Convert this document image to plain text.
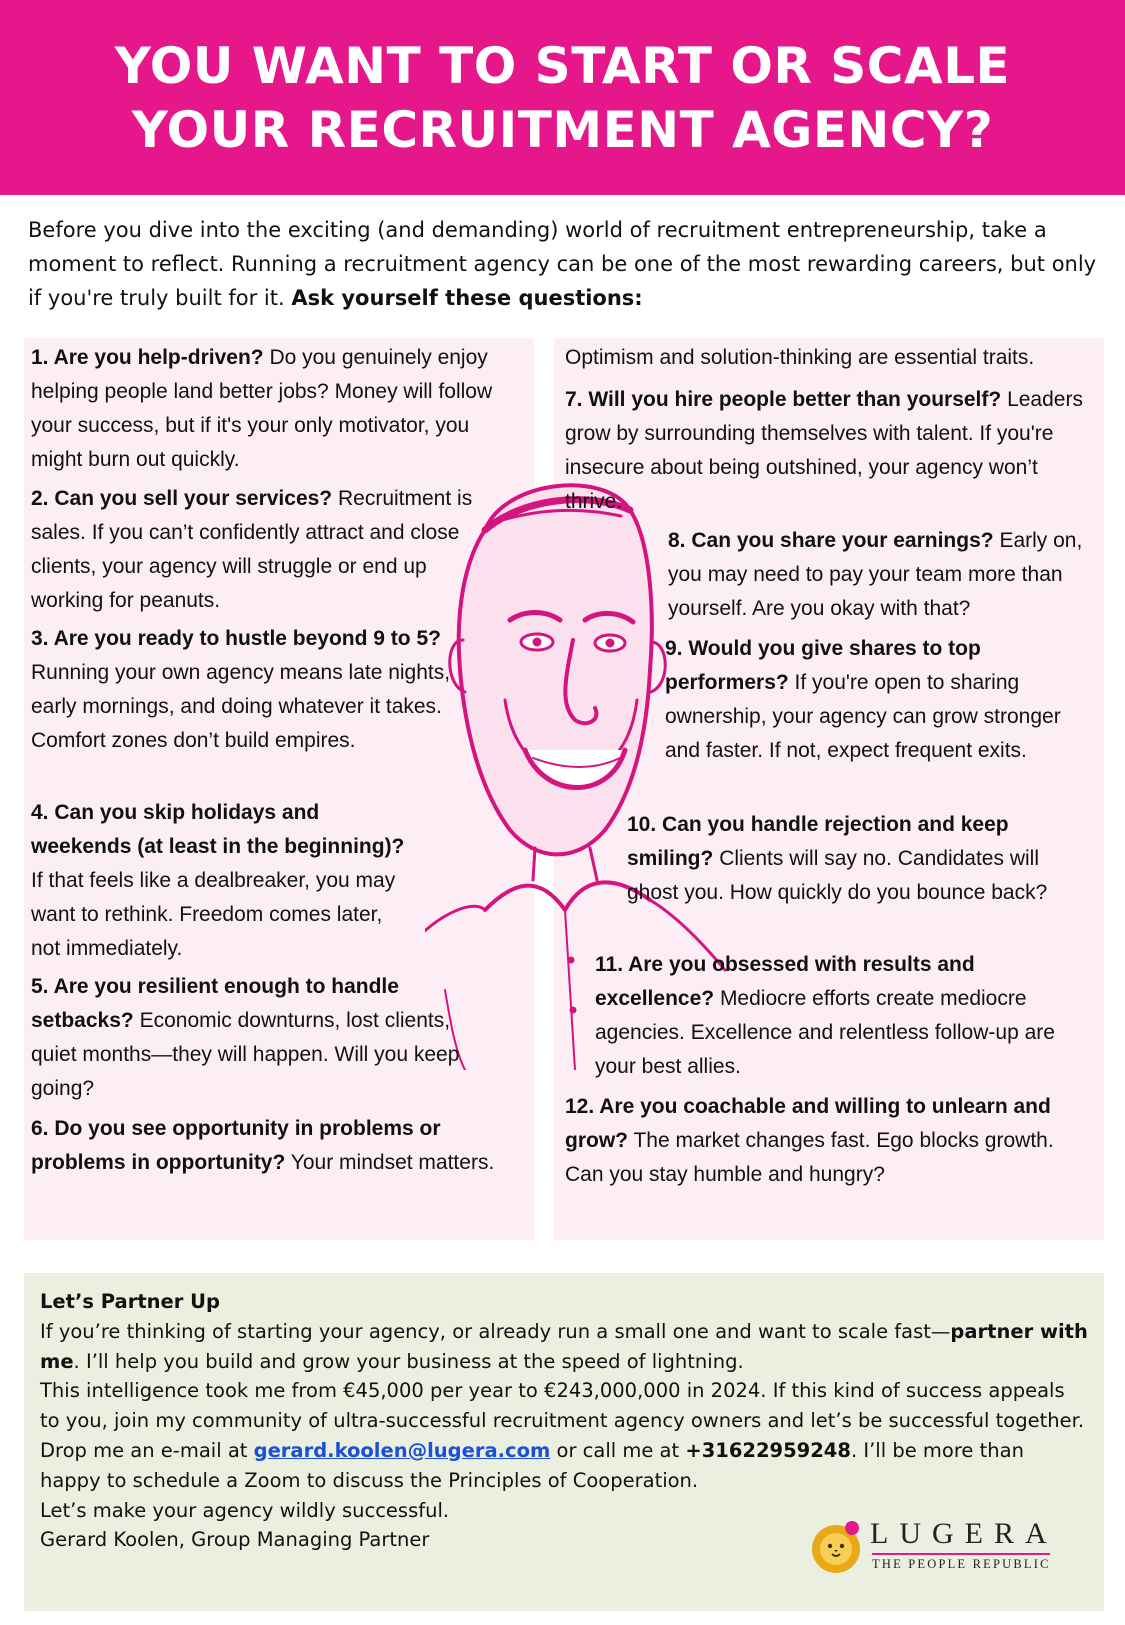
YOU WANT TO START OR SCALE
YOUR RECRUITMENT AGENCY?
Before you dive into the exciting (and demanding) world of recruitment entrepreneurship, take a moment to reflect. Running a recruitment agency can be one of the most rewarding careers, but only if you're truly built for it. Ask yourself these questions:
1. Are you help-driven? Do you genuinely enjoy helping people land better jobs? Money will follow your success, but if it's your only motivator, you might burn out quickly.
2. Can you sell your services? Recruitment is sales. If you can’t confidently attract and close clients, your agency will struggle or end up working for peanuts.
3. Are you ready to hustle beyond 9 to 5? Running your own agency means late nights, early mornings, and doing whatever it takes. Comfort zones don’t build empires.
4. Can you skip holidays and weekends (at least in the beginning)? If that feels like a dealbreaker, you may want to rethink. Freedom comes later, not immediately.
5. Are you resilient enough to handle setbacks? Economic downturns, lost clients, quiet months—they will happen. Will you keep going?
6. Do you see opportunity in problems or problems in opportunity? Your mindset matters.
Optimism and solution-thinking are essential traits.
7. Will you hire people better than yourself? Leaders grow by surrounding themselves with talent. If you're insecure about being outshined, your agency won’t thrive.
8. Can you share your earnings? Early on, you may need to pay your team more than yourself. Are you okay with that?
9. Would you give shares to top performers? If you're open to sharing ownership, your agency can grow stronger and faster. If not, expect frequent exits.
10. Can you handle rejection and keep smiling? Clients will say no. Candidates will ghost you. How quickly do you bounce back?
11. Are you obsessed with results and excellence? Mediocre efforts create mediocre agencies. Excellence and relentless follow-up are your best allies.
12. Are you coachable and willing to unlearn and grow? The market changes fast. Ego blocks growth. Can you stay humble and hungry?
Let’s Partner Up
If you’re thinking of starting your agency, or already run a small one and want to scale fast—partner with me. I’ll help you build and grow your business at the speed of lightning.
This intelligence took me from €45,000 per year to €243,000,000 in 2024. If this kind of success appeals to you, join my community of ultra-successful recruitment agency owners and let’s be successful together.
Drop me an e-mail at gerard.koolen@lugera.com or call me at +31622959248. I’ll be more than happy to schedule a Zoom to discuss the Principles of Cooperation.
Let’s make your agency wildly successful.
Gerard Koolen, Group Managing Partner	LUGERA
THE PEOPLE REPUBLIC
